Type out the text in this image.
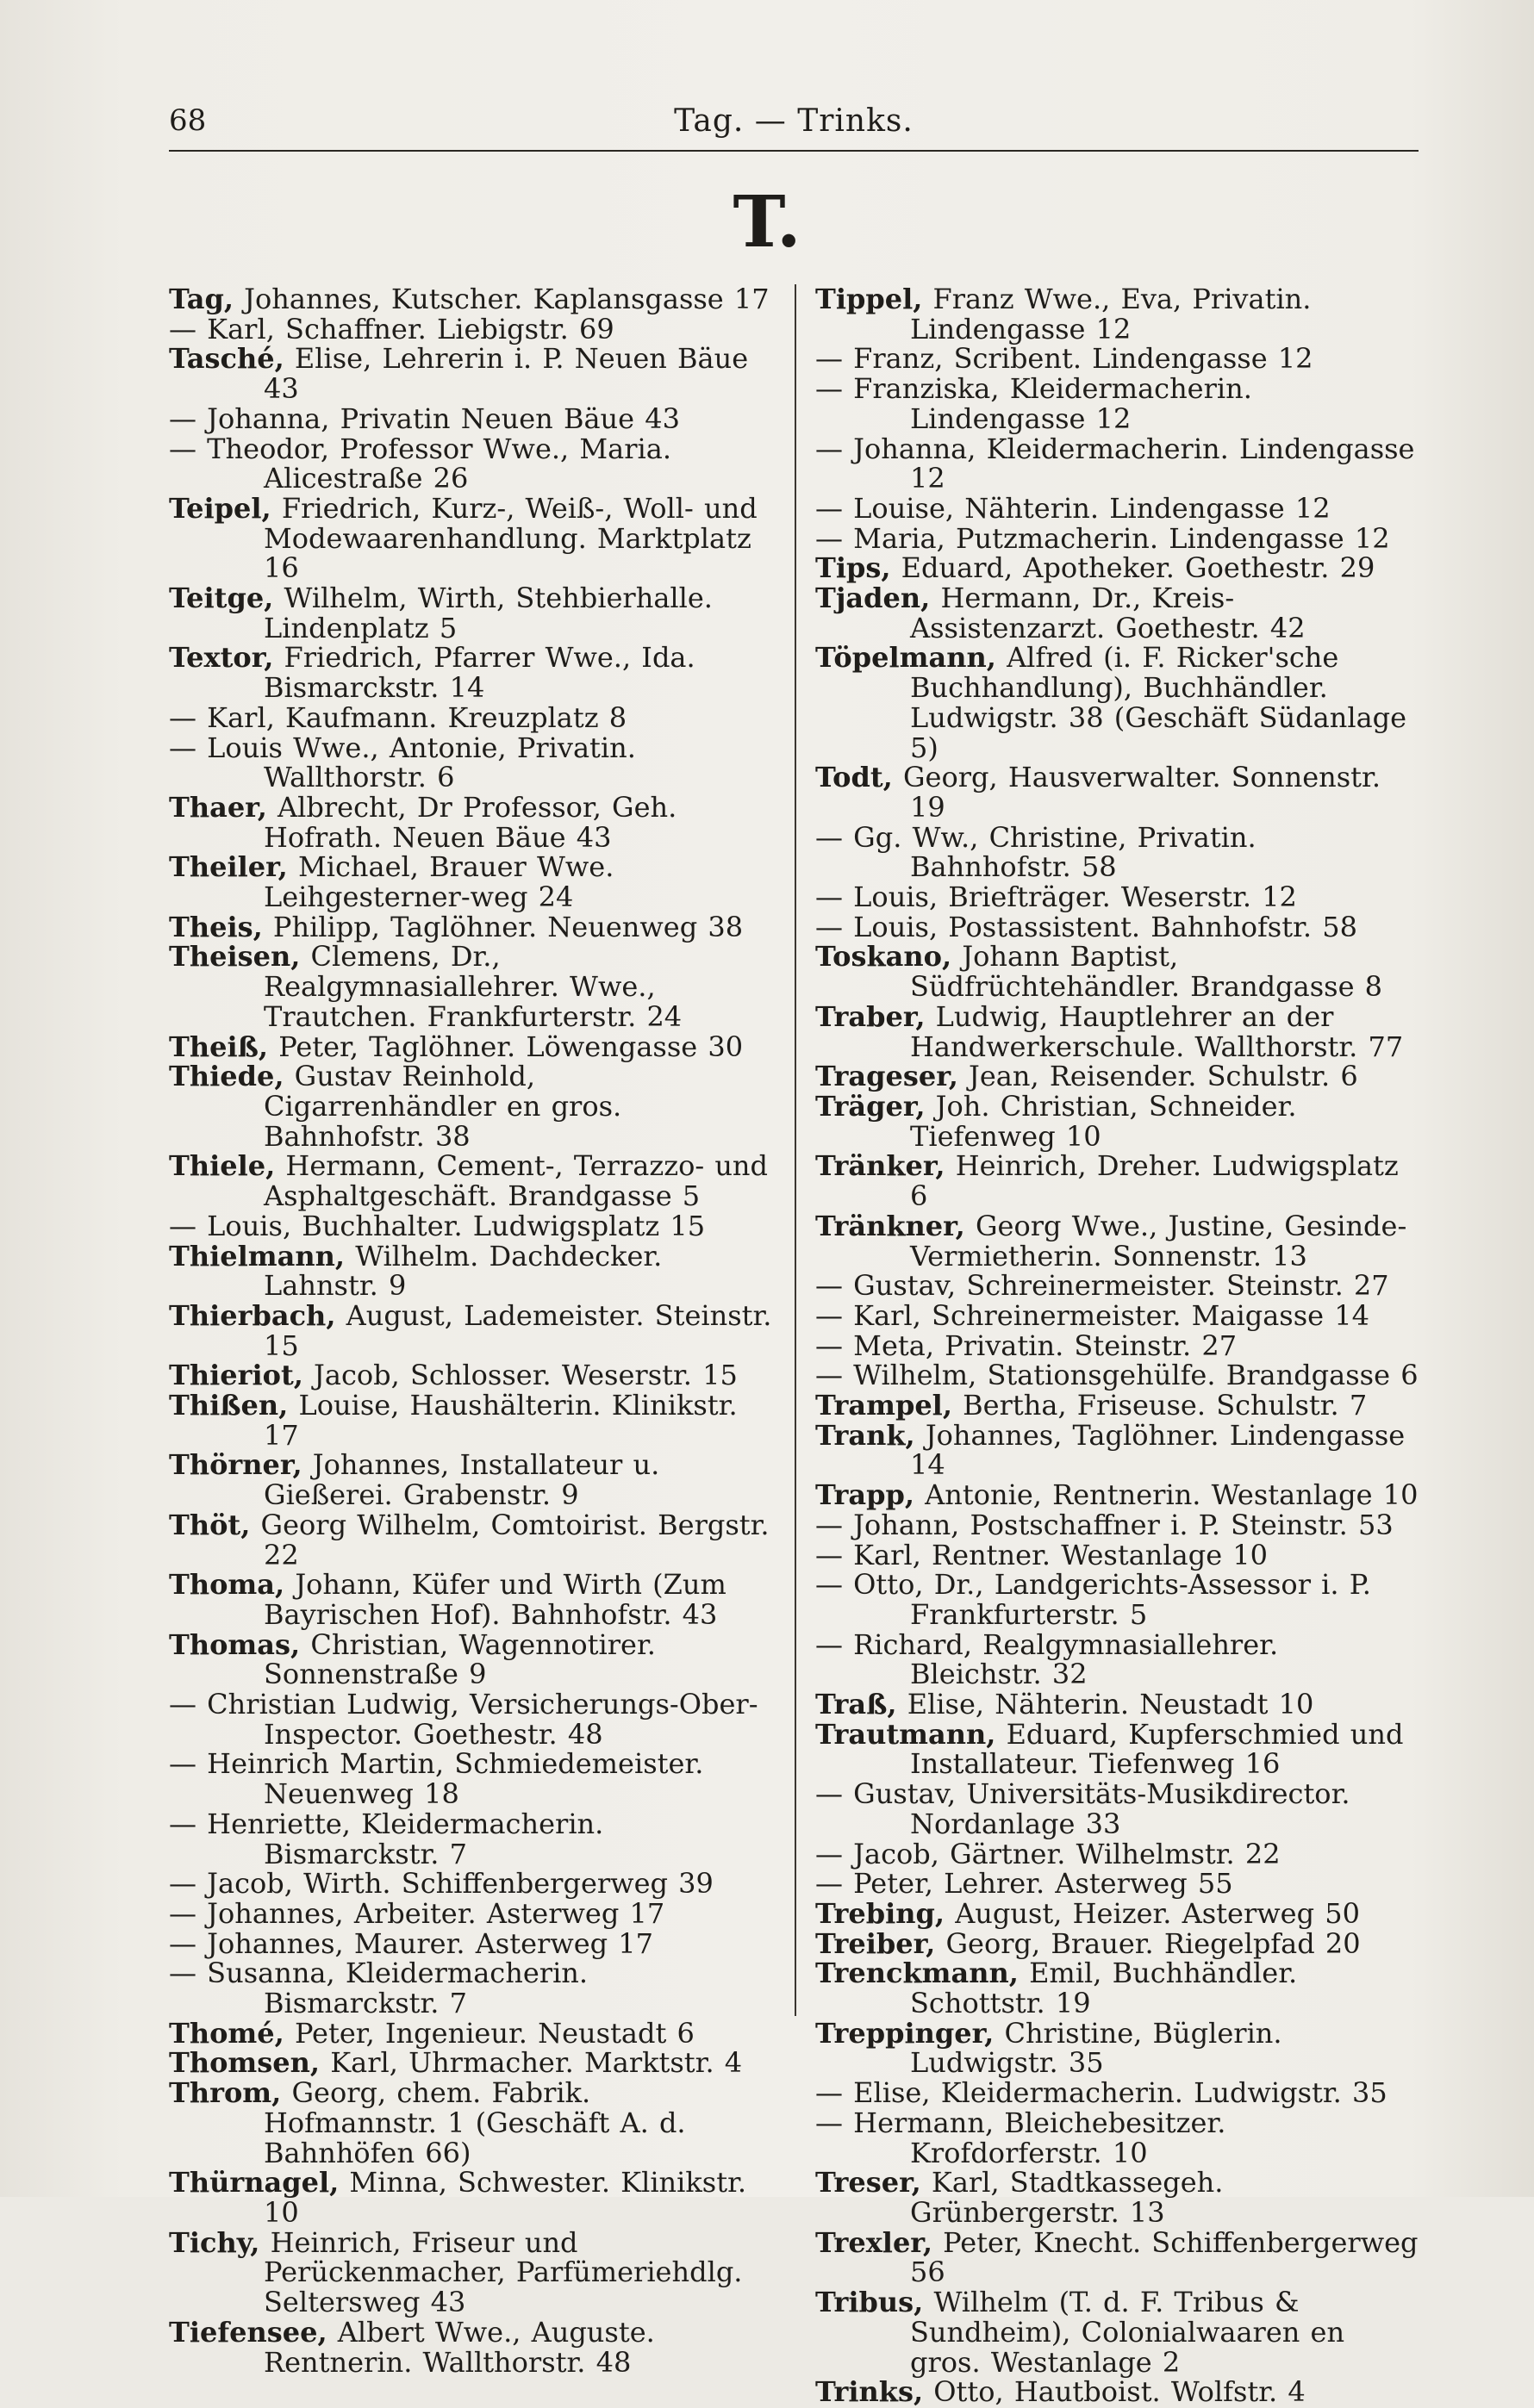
68	Tag. — Trinks.
T.
Tag, Johannes, Kutscher. Kaplansgasse 17
— Karl, Schaffner. Liebigstr. 69
Tasché, Elise, Lehrerin i. P. Neuen Bäue 43
— Johanna, Privatin Neuen Bäue 43
— Theodor, Professor Wwe., Maria. Alicestraße 26
Teipel, Friedrich, Kurz-, Weiß-, Woll- und Modewaarenhandlung. Marktplatz 16
Teitge, Wilhelm, Wirth, Stehbierhalle. Lindenplatz 5
Textor, Friedrich, Pfarrer Wwe., Ida. Bismarckstr. 14
— Karl, Kaufmann. Kreuzplatz 8
— Louis Wwe., Antonie, Privatin. Wallthorstr. 6
Thaer, Albrecht, Dr Professor, Geh. Hofrath. Neuen Bäue 43
Theiler, Michael, Brauer Wwe. Leihgesterner-weg 24
Theis, Philipp, Taglöhner. Neuenweg 38
Theisen, Clemens, Dr., Realgymnasiallehrer. Wwe., Trautchen. Frankfurterstr. 24
Theiß, Peter, Taglöhner. Löwengasse 30
Thiede, Gustav Reinhold, Cigarrenhändler en gros. Bahnhofstr. 38
Thiele, Hermann, Cement-, Terrazzo- und Asphaltgeschäft. Brandgasse 5
— Louis, Buchhalter. Ludwigsplatz 15
Thielmann, Wilhelm. Dachdecker. Lahnstr. 9
Thierbach, August, Lademeister. Steinstr. 15
Thieriot, Jacob, Schlosser. Weserstr. 15
Thißen, Louise, Haushälterin. Klinikstr. 17
Thörner, Johannes, Installateur u. Gießerei. Grabenstr. 9
Thöt, Georg Wilhelm, Comtoirist. Bergstr. 22
Thoma, Johann, Küfer und Wirth (Zum Bayrischen Hof). Bahnhofstr. 43
Thomas, Christian, Wagennotirer. Sonnenstraße 9
— Christian Ludwig, Versicherungs-Ober-Inspector. Goethestr. 48
— Heinrich Martin, Schmiedemeister. Neuenweg 18
— Henriette, Kleidermacherin. Bismarckstr. 7
— Jacob, Wirth. Schiffenbergerweg 39
— Johannes, Arbeiter. Asterweg 17
— Johannes, Maurer. Asterweg 17
— Susanna, Kleidermacherin. Bismarckstr. 7
Thomé, Peter, Ingenieur. Neustadt 6
Thomsen, Karl, Uhrmacher. Marktstr. 4
Throm, Georg, chem. Fabrik. Hofmannstr. 1 (Geschäft A. d. Bahnhöfen 66)
Thürnagel, Minna, Schwester. Klinikstr. 10
Tichy, Heinrich, Friseur und Perückenmacher, Parfümeriehdlg. Seltersweg 43
Tiefensee, Albert Wwe., Auguste. Rentnerin. Wallthorstr. 48
Tippel, Franz Wwe., Eva, Privatin. Lindengasse 12
— Franz, Scribent. Lindengasse 12
— Franziska, Kleidermacherin. Lindengasse 12
— Johanna, Kleidermacherin. Lindengasse 12
— Louise, Nähterin. Lindengasse 12
— Maria, Putzmacherin. Lindengasse 12
Tips, Eduard, Apotheker. Goethestr. 29
Tjaden, Hermann, Dr., Kreis-Assistenzarzt. Goethestr. 42
Töpelmann, Alfred (i. F. Ricker'sche Buchhandlung), Buchhändler. Ludwigstr. 38 (Geschäft Südanlage 5)
Todt, Georg, Hausverwalter. Sonnenstr. 19
— Gg. Ww., Christine, Privatin. Bahnhofstr. 58
— Louis, Briefträger. Weserstr. 12
— Louis, Postassistent. Bahnhofstr. 58
Toskano, Johann Baptist, Südfrüchtehändler. Brandgasse 8
Traber, Ludwig, Hauptlehrer an der Handwerkerschule. Wallthorstr. 77
Trageser, Jean, Reisender. Schulstr. 6
Träger, Joh. Christian, Schneider. Tiefenweg 10
Tränker, Heinrich, Dreher. Ludwigsplatz 6
Tränkner, Georg Wwe., Justine, Gesinde-Vermietherin. Sonnenstr. 13
— Gustav, Schreinermeister. Steinstr. 27
— Karl, Schreinermeister. Maigasse 14
— Meta, Privatin. Steinstr. 27
— Wilhelm, Stationsgehülfe. Brandgasse 6
Trampel, Bertha, Friseuse. Schulstr. 7
Trank, Johannes, Taglöhner. Lindengasse 14
Trapp, Antonie, Rentnerin. Westanlage 10
— Johann, Postschaffner i. P. Steinstr. 53
— Karl, Rentner. Westanlage 10
— Otto, Dr., Landgerichts-Assessor i. P. Frankfurterstr. 5
— Richard, Realgymnasiallehrer. Bleichstr. 32
Traß, Elise, Nähterin. Neustadt 10
Trautmann, Eduard, Kupferschmied und Installateur. Tiefenweg 16
— Gustav, Universitäts-Musikdirector. Nordanlage 33
— Jacob, Gärtner. Wilhelmstr. 22
— Peter, Lehrer. Asterweg 55
Trebing, August, Heizer. Asterweg 50
Treiber, Georg, Brauer. Riegelpfad 20
Trenckmann, Emil, Buchhändler. Schottstr. 19
Treppinger, Christine, Büglerin. Ludwigstr. 35
— Elise, Kleidermacherin. Ludwigstr. 35
— Hermann, Bleichebesitzer. Krofdorferstr. 10
Treser, Karl, Stadtkassegeh. Grünbergerstr. 13
Trexler, Peter, Knecht. Schiffenbergerweg 56
Tribus, Wilhelm (T. d. F. Tribus & Sundheim), Colonialwaaren en gros. Westanlage 2
Trinks, Otto, Hautboist. Wolfstr. 4
